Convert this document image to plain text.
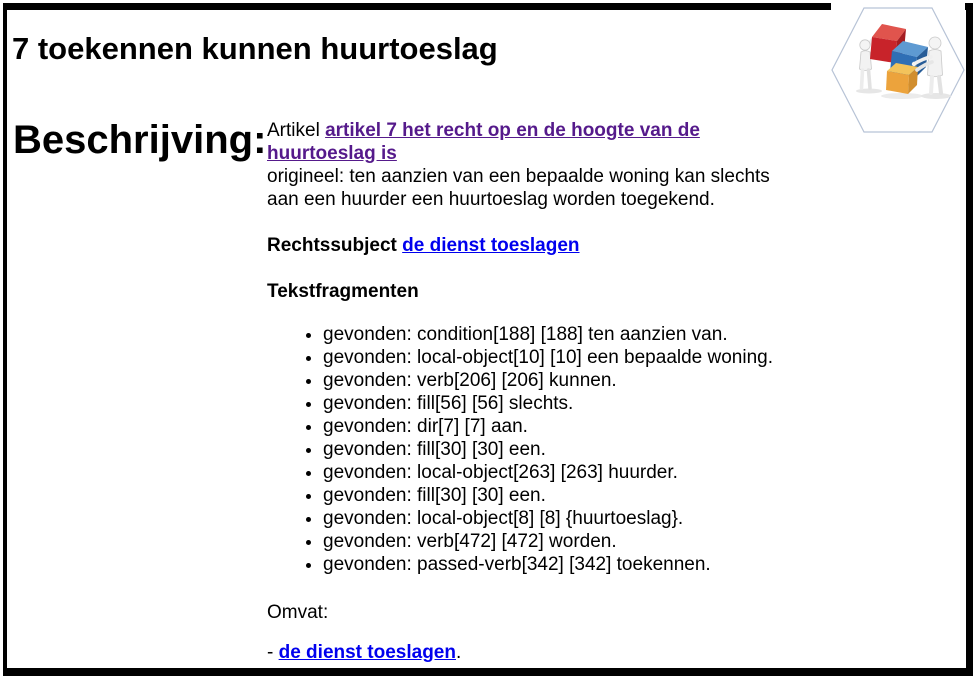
7 toekennen kunnen huurtoeslag
Beschrijving: Artikel artikel 7 het recht op en de hoogte van de huurtoeslag is
origineel: ten aanzien van een bepaalde woning kan slechts aan een huurder een huurtoeslag worden toegekend.
Rechtssubject de dienst toeslagen
Tekstfragmenten
• gevonden: condition[188] [188] ten aanzien van.
• gevonden: local-object[10] [10] een bepaalde woning.
• gevonden: verb[206] [206] kunnen.
• gevonden: fill[56] [56] slechts.
• gevonden: dir[7] [7] aan.
• gevonden: fill[30] [30] een.
• gevonden: local-object[263] [263] huurder.
• gevonden: fill[30] [30] een.
• gevonden: local-object[8] [8] {huurtoeslag}.
• gevonden: verb[472] [472] worden.
• gevonden: passed-verb[342] [342] toekennen.
Omvat:
- de dienst toeslagen.
